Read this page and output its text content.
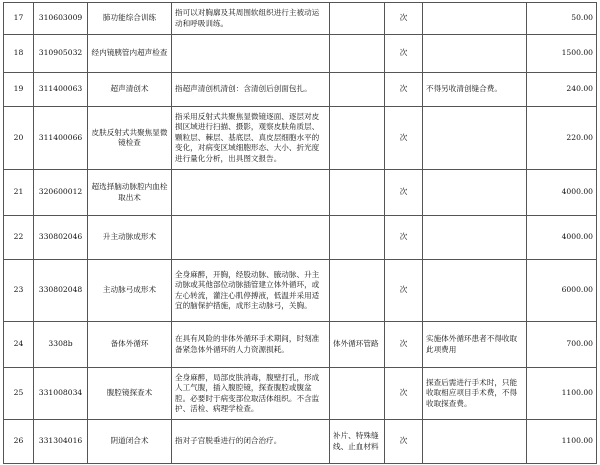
17	310603009	肺功能综合训练	指可以对胸廓及其周围软组织进行主被动运动和呼吸训练。		次		50.00
18	310905032	经内镜胰管内超声检查			次		1500.00
19	311400063	超声清创术	指超声清创机清创：含清创后创面包扎。		次	不得另收清创缝合费。	240.00
20	311400066	皮肤反射式共聚焦显微镜检查	指采用反射式共聚焦显微镜逐面、逐层对皮损区域进行扫描、摄影，观察皮肤角质层、颗粒层、棘层、基底层、真皮层细胞水平的变化，对病变区域细胞形态、大小、折光度进行量化分析，出具图文报告。		次		220.00
21	320600012	超选择脑动脉腔内血栓取出术			次		4000.00
22	330802046	升主动脉成形术			次		4000.00
23	330802048	主动脉弓成形术	全身麻醉，开胸，经股动脉、腋动脉、升主动脉或其他部位动脉插管建立体外循环，或左心转流，灌注心肌停搏液，低温并采用适宜的脑保护措施，成形主动脉弓，关胸。		次		6000.00
24	3308b	备体外循环	在具有风险的非体外循环手术期间，时刻准备紧急体外循环的人力资源损耗。	体外循环管路	次	实施体外循环患者不得收取此项费用	700.00
25	331008034	腹腔镜探查术	全身麻醉，局部皮肤消毒，腹壁打孔，形成人工气腹，插入腹腔镜，探查腹腔或腹盆腔。必要时于病变部位取活体组织。不含监护、活检、病理学检查。		次	探查后需进行手术时，只能收取相应项目手术费，不得收取探查费。	1100.00
26	331304016	阴道闭合术	指对子宫脱垂进行的闭合治疗。	补片、特殊缝线、止血材料	次		1100.00
